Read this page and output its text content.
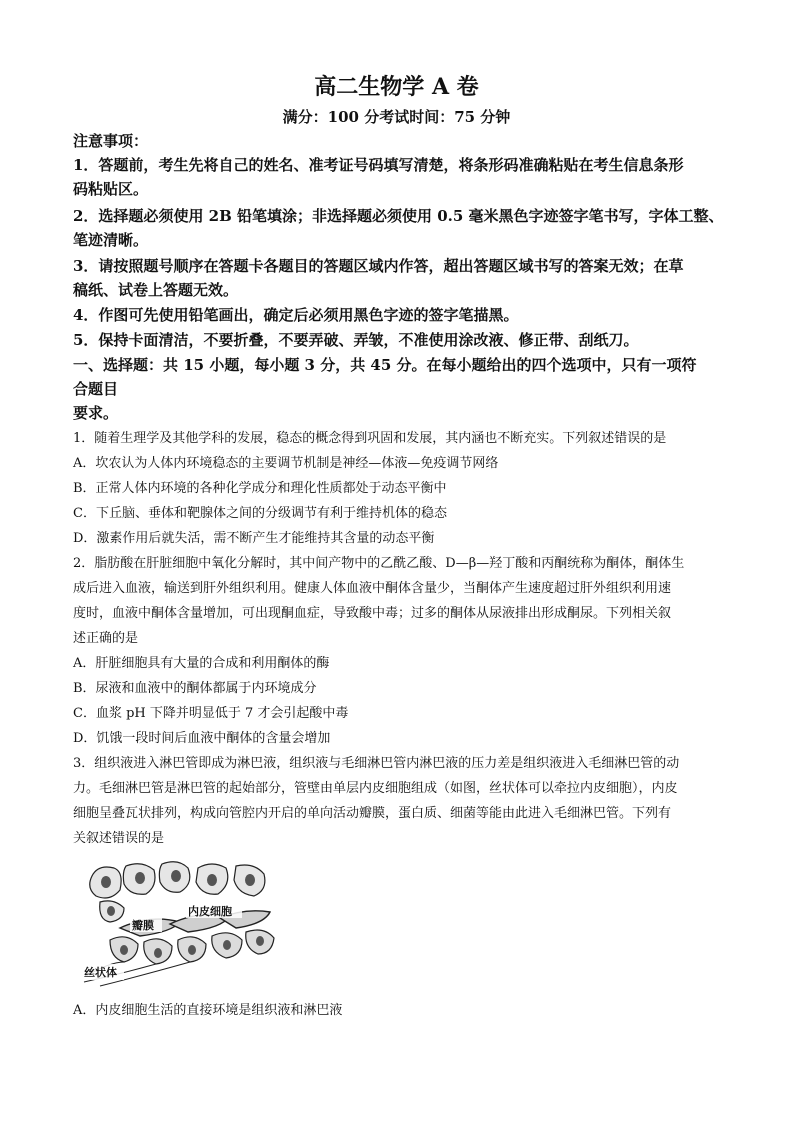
高二生物学 A 卷
满分：100 分考试时间：75 分钟
注意事项：
1．答题前，考生先将自己的姓名、准考证号码填写清楚，将条形码准确粘贴在考生信息条形
码粘贴区。
2．选择题必须使用 2B 铅笔填涂；非选择题必须使用 0.5 毫米黑色字迹签字笔书写，字体工整、
笔迹清晰。
3．请按照题号顺序在答题卡各题目的答题区域内作答，超出答题区域书写的答案无效；在草
稿纸、试卷上答题无效。
4．作图可先使用铅笔画出，确定后必须用黑色字迹的签字笔描黑。
5．保持卡面清洁，不要折叠，不要弄破、弄皱，不准使用涂改液、修正带、刮纸刀。
一、选择题：共 15 小题，每小题 3 分，共 45 分。在每小题给出的四个选项中，只有一项符
合题目
要求。
1．随着生理学及其他学科的发展，稳态的概念得到巩固和发展，其内涵也不断充实。下列叙述错误的是
A．坎农认为人体内环境稳态的主要调节机制是神经—体液—免疫调节网络
B．正常人体内环境的各种化学成分和理化性质都处于动态平衡中
C．下丘脑、垂体和靶腺体之间的分级调节有利于维持机体的稳态
D．激素作用后就失活，需不断产生才能维持其含量的动态平衡
2．脂肪酸在肝脏细胞中氧化分解时，其中间产物中的乙酰乙酸、D—β—羟丁酸和丙酮统称为酮体，酮体生
成后进入血液，输送到肝外组织利用。健康人体血液中酮体含量少，当酮体产生速度超过肝外组织利用速
度时，血液中酮体含量增加，可出现酮血症，导致酸中毒；过多的酮体从尿液排出形成酮尿。下列相关叙
述正确的是
A．肝脏细胞具有大量的合成和利用酮体的酶
B．尿液和血液中的酮体都属于内环境成分
C．血浆 pH 下降并明显低于 7 才会引起酸中毒
D．饥饿一段时间后血液中酮体的含量会增加
3．组织液进入淋巴管即成为淋巴液，组织液与毛细淋巴管内淋巴液的压力差是组织液进入毛细淋巴管的动
力。毛细淋巴管是淋巴管的起始部分，管壁由单层内皮细胞组成（如图，丝状体可以牵拉内皮细胞），内皮
细胞呈叠瓦状排列，构成向管腔内开启的单向活动瓣膜，蛋白质、细菌等能由此进入毛细淋巴管。下列有
关叙述错误的是
瓣膜
内皮细胞
丝状体
A．内皮细胞生活的直接环境是组织液和淋巴液
